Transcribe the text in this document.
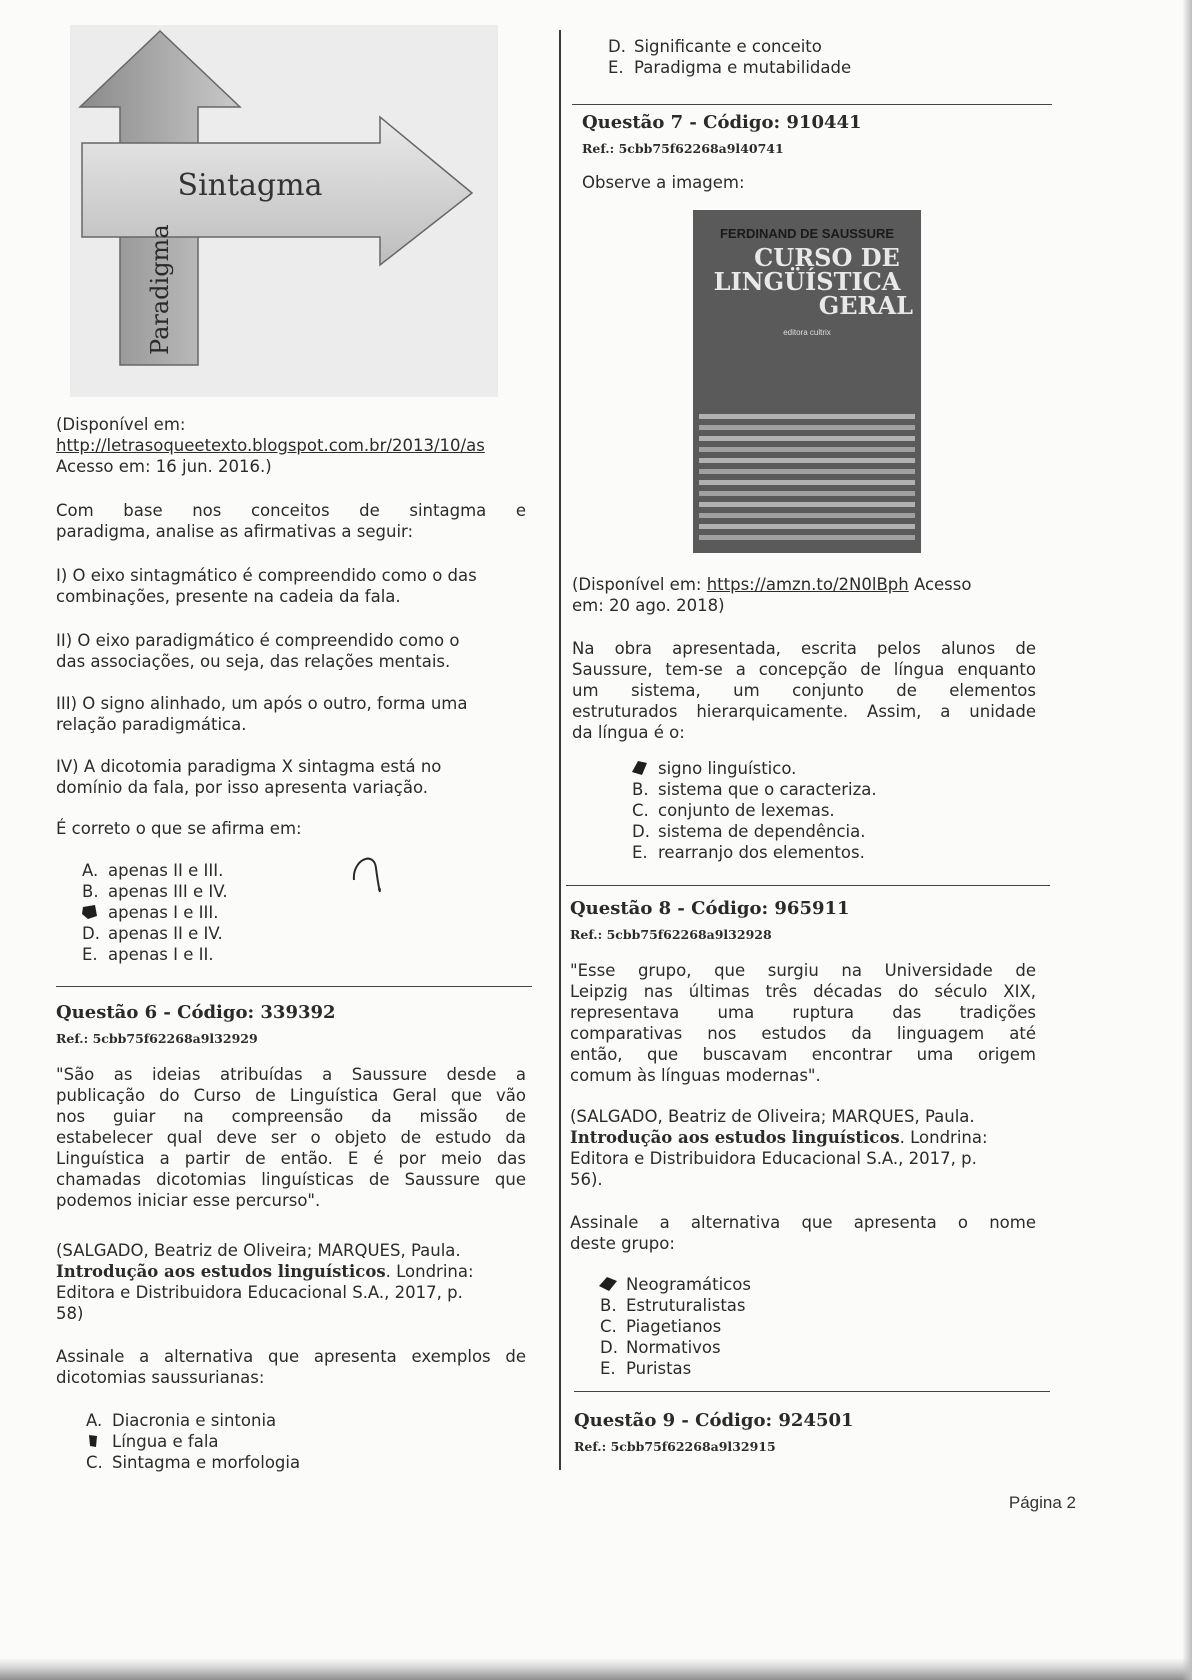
Sintagma
Paradigma

(Disponível em:

http://letrasoqueetexto.blogspot.com.br/2013/10/as

Acesso em: 16 jun. 2016.)

Com base nos conceitos de sintagma e

paradigma, analise as afirmativas a seguir:

I) O eixo sintagmático é compreendido como o das

combinações, presente na cadeia da fala.

II) O eixo paradigmático é compreendido como o

das associações, ou seja, das relações mentais.

III) O signo alinhado, um após o outro, forma uma

relação paradigmática.

IV) A dicotomia paradigma X sintagma está no

domínio da fala, por isso apresenta variação.

É correto o que se afirma em:

A. apenas II e III.
B. apenas III e IV.
apenas I e III.
D. apenas II e IV.
E. apenas I e II.

Questão 6 - Código: 339392

Ref.: 5cbb75f62268a9l32929

"São as ideias atribuídas a Saussure desde a

publicação do Curso de Linguística Geral que vão

nos guiar na compreensão da missão de

estabelecer qual deve ser o objeto de estudo da

Linguística a partir de então. E é por meio das

chamadas dicotomias linguísticas de Saussure que

podemos iniciar esse percurso".

(SALGADO, Beatriz de Oliveira; MARQUES, Paula.

Introdução aos estudos linguísticos. Londrina:

Editora e Distribuidora Educacional S.A., 2017, p.

58)

Assinale a alternativa que apresenta exemplos de

dicotomias saussurianas:

A. Diacronia e sintonia
Língua e fala
C. Sintagma e morfologia
D. Significante e conceito
E. Paradigma e mutabilidade

Questão 7 - Código: 910441

Ref.: 5cbb75f62268a9l40741

Observe a imagem:

FERDINAND DE SAUSSURE
CURSO DE
LINGÜÍSTICA
GERAL
editora cultrix

(Disponível em: https://amzn.to/2N0lBph Acesso

em: 20 ago. 2018)

Na obra apresentada, escrita pelos alunos de

Saussure, tem-se a concepção de língua enquanto

um sistema, um conjunto de elementos

estruturados hierarquicamente. Assim, a unidade

da língua é o:

signo linguístico.
B. sistema que o caracteriza.
C. conjunto de lexemas.
D. sistema de dependência.
E. rearranjo dos elementos.

Questão 8 - Código: 965911

Ref.: 5cbb75f62268a9l32928

"Esse grupo, que surgiu na Universidade de

Leipzig nas últimas três décadas do século XIX,

representava uma ruptura das tradições

comparativas nos estudos da linguagem até

então, que buscavam encontrar uma origem

comum às línguas modernas".

(SALGADO, Beatriz de Oliveira; MARQUES, Paula.

Introdução aos estudos linguísticos. Londrina:

Editora e Distribuidora Educacional S.A., 2017, p.

56).

Assinale a alternativa que apresenta o nome

deste grupo:

Neogramáticos
B. Estruturalistas
C. Piagetianos
D. Normativos
E. Puristas

Questão 9 - Código: 924501

Ref.: 5cbb75f62268a9l32915

Página 2
